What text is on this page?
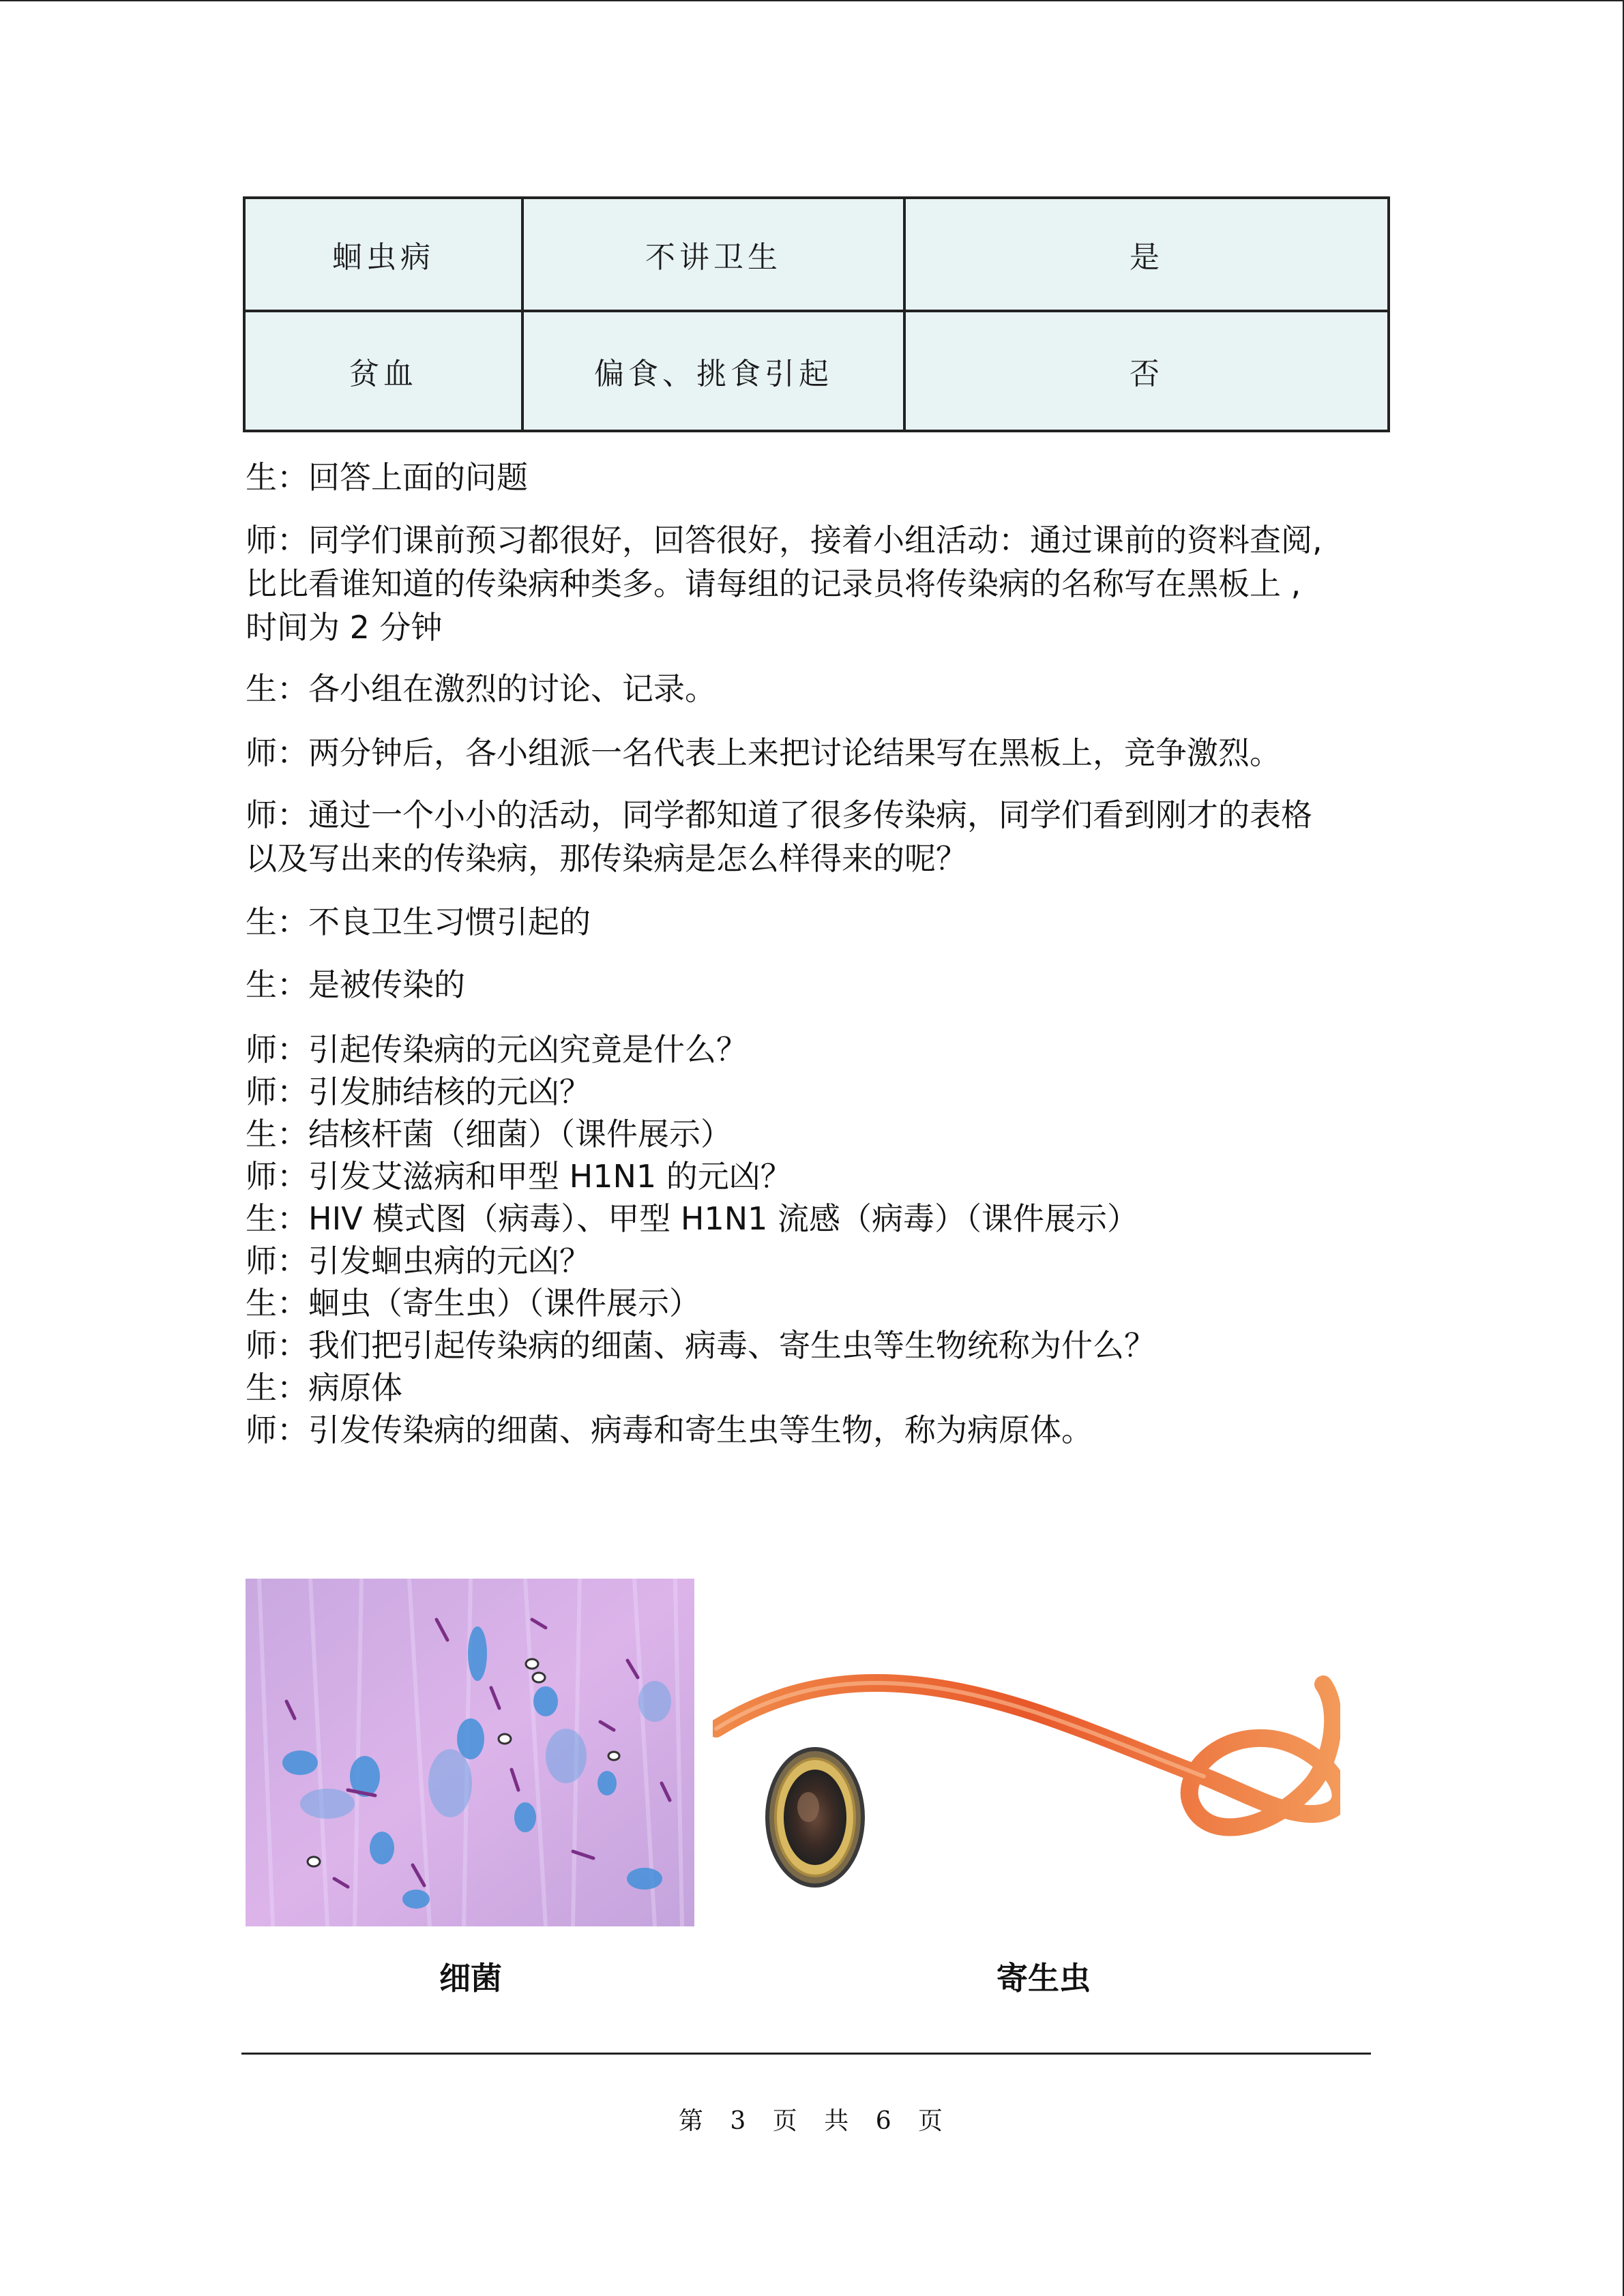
蛔虫病	不讲卫生	是
贫血	偏食、挑食引起	否

生：回答上面的问题

师：同学们课前预习都很好，回答很好，接着小组活动：通过课前的资料查阅,

比比看谁知道的传染病种类多。请每组的记录员将传染病的名称写在黑板上 ,

时间为 2 分钟

生：各小组在激烈的讨论、记录。

师：两分钟后，各小组派一名代表上来把讨论结果写在黑板上，竞争激烈。

师：通过一个小小的活动，同学都知道了很多传染病，同学们看到刚才的表格

以及写出来的传染病，那传染病是怎么样得来的呢？

生：不良卫生习惯引起的

生：是被传染的

师：引起传染病的元凶究竟是什么？

师：引发肺结核的元凶？

生：结核杆菌（细菌）（课件展示）

师：引发艾滋病和甲型 H1N1 的元凶？

生：HIV 模式图（病毒）、甲型 H1N1 流感（病毒）（课件展示）

师：引发蛔虫病的元凶？

生：蛔虫（寄生虫）（课件展示）

师：我们把引起传染病的细菌、病毒、寄生虫等生物统称为什么？

生：病原体

师：引发传染病的细菌、病毒和寄生虫等生物，称为病原体。

细菌	寄生虫
第 3 页 共 6 页
